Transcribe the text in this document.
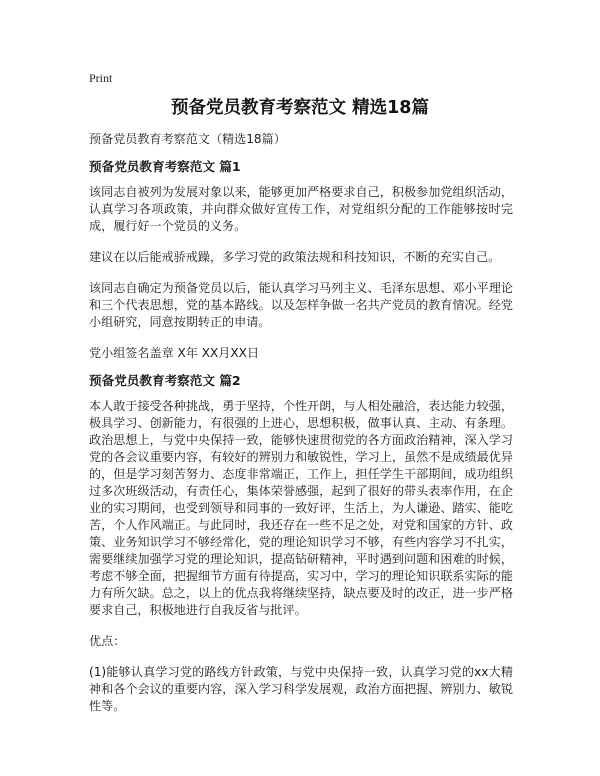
Print
预备党员教育考察范文 精选18篇

预备党员教育考察范文（精选18篇）

预备党员教育考察范文 篇1

该同志自被列为发展对象以来，能够更加严格要求自己，积极参加党组织活动，认真学习各项政策，并向群众做好宣传工作，对党组织分配的工作能够按时完成，履行好一个党员的义务。

建议在以后能戒骄戒躁，多学习党的政策法规和科技知识，不断的充实自己。

该同志自确定为预备党员以后，能认真学习马列主义、毛泽东思想、邓小平理论和三个代表思想，党的基本路线。以及怎样争做一名共产党员的教育情况。经党小组研究，同意按期转正的申请。

党小组签名盖章 X年 XX月XX日

预备党员教育考察范文 篇2

本人敢于接受各种挑战，勇于坚持，个性开朗，与人相处融洽，表达能力较强，极具学习、创新能力，有很强的上进心，思想积极，做事认真、主动、有条理。政治思想上，与党中央保持一致，能够快速贯彻党的各方面政治精神，深入学习党的各会议重要内容，有较好的辨别力和敏锐性，学习上，虽然不是成绩最优异的，但是学习刻苦努力、态度非常端正，工作上，担任学生干部期间，成功组织过多次班级活动，有责任心，集体荣誉感强，起到了很好的带头表率作用，在企业的实习期间，也受到领导和同事的一致好评，生活上，为人谦逊、踏实、能吃苦，个人作风端正。与此同时，我还存在一些不足之处，对党和国家的方针、政策、业务知识学习不够经常化，党的理论知识学习不够，有些内容学习不扎实，需要继续加强学习党的理论知识，提高钻研精神，平时遇到问题和困难的时候，考虑不够全面，把握细节方面有待提高，实习中，学习的理论知识联系实际的能力有所欠缺。总之，以上的优点我将继续坚持，缺点要及时的改正，进一步严格要求自己，积极地进行自我反省与批评。

优点：

(1)能够认真学习党的路线方针政策，与党中央保持一致，认真学习党的xx大精神和各个会议的重要内容，深入学习科学发展观，政治方面把握、辨别力、敏锐性等。
